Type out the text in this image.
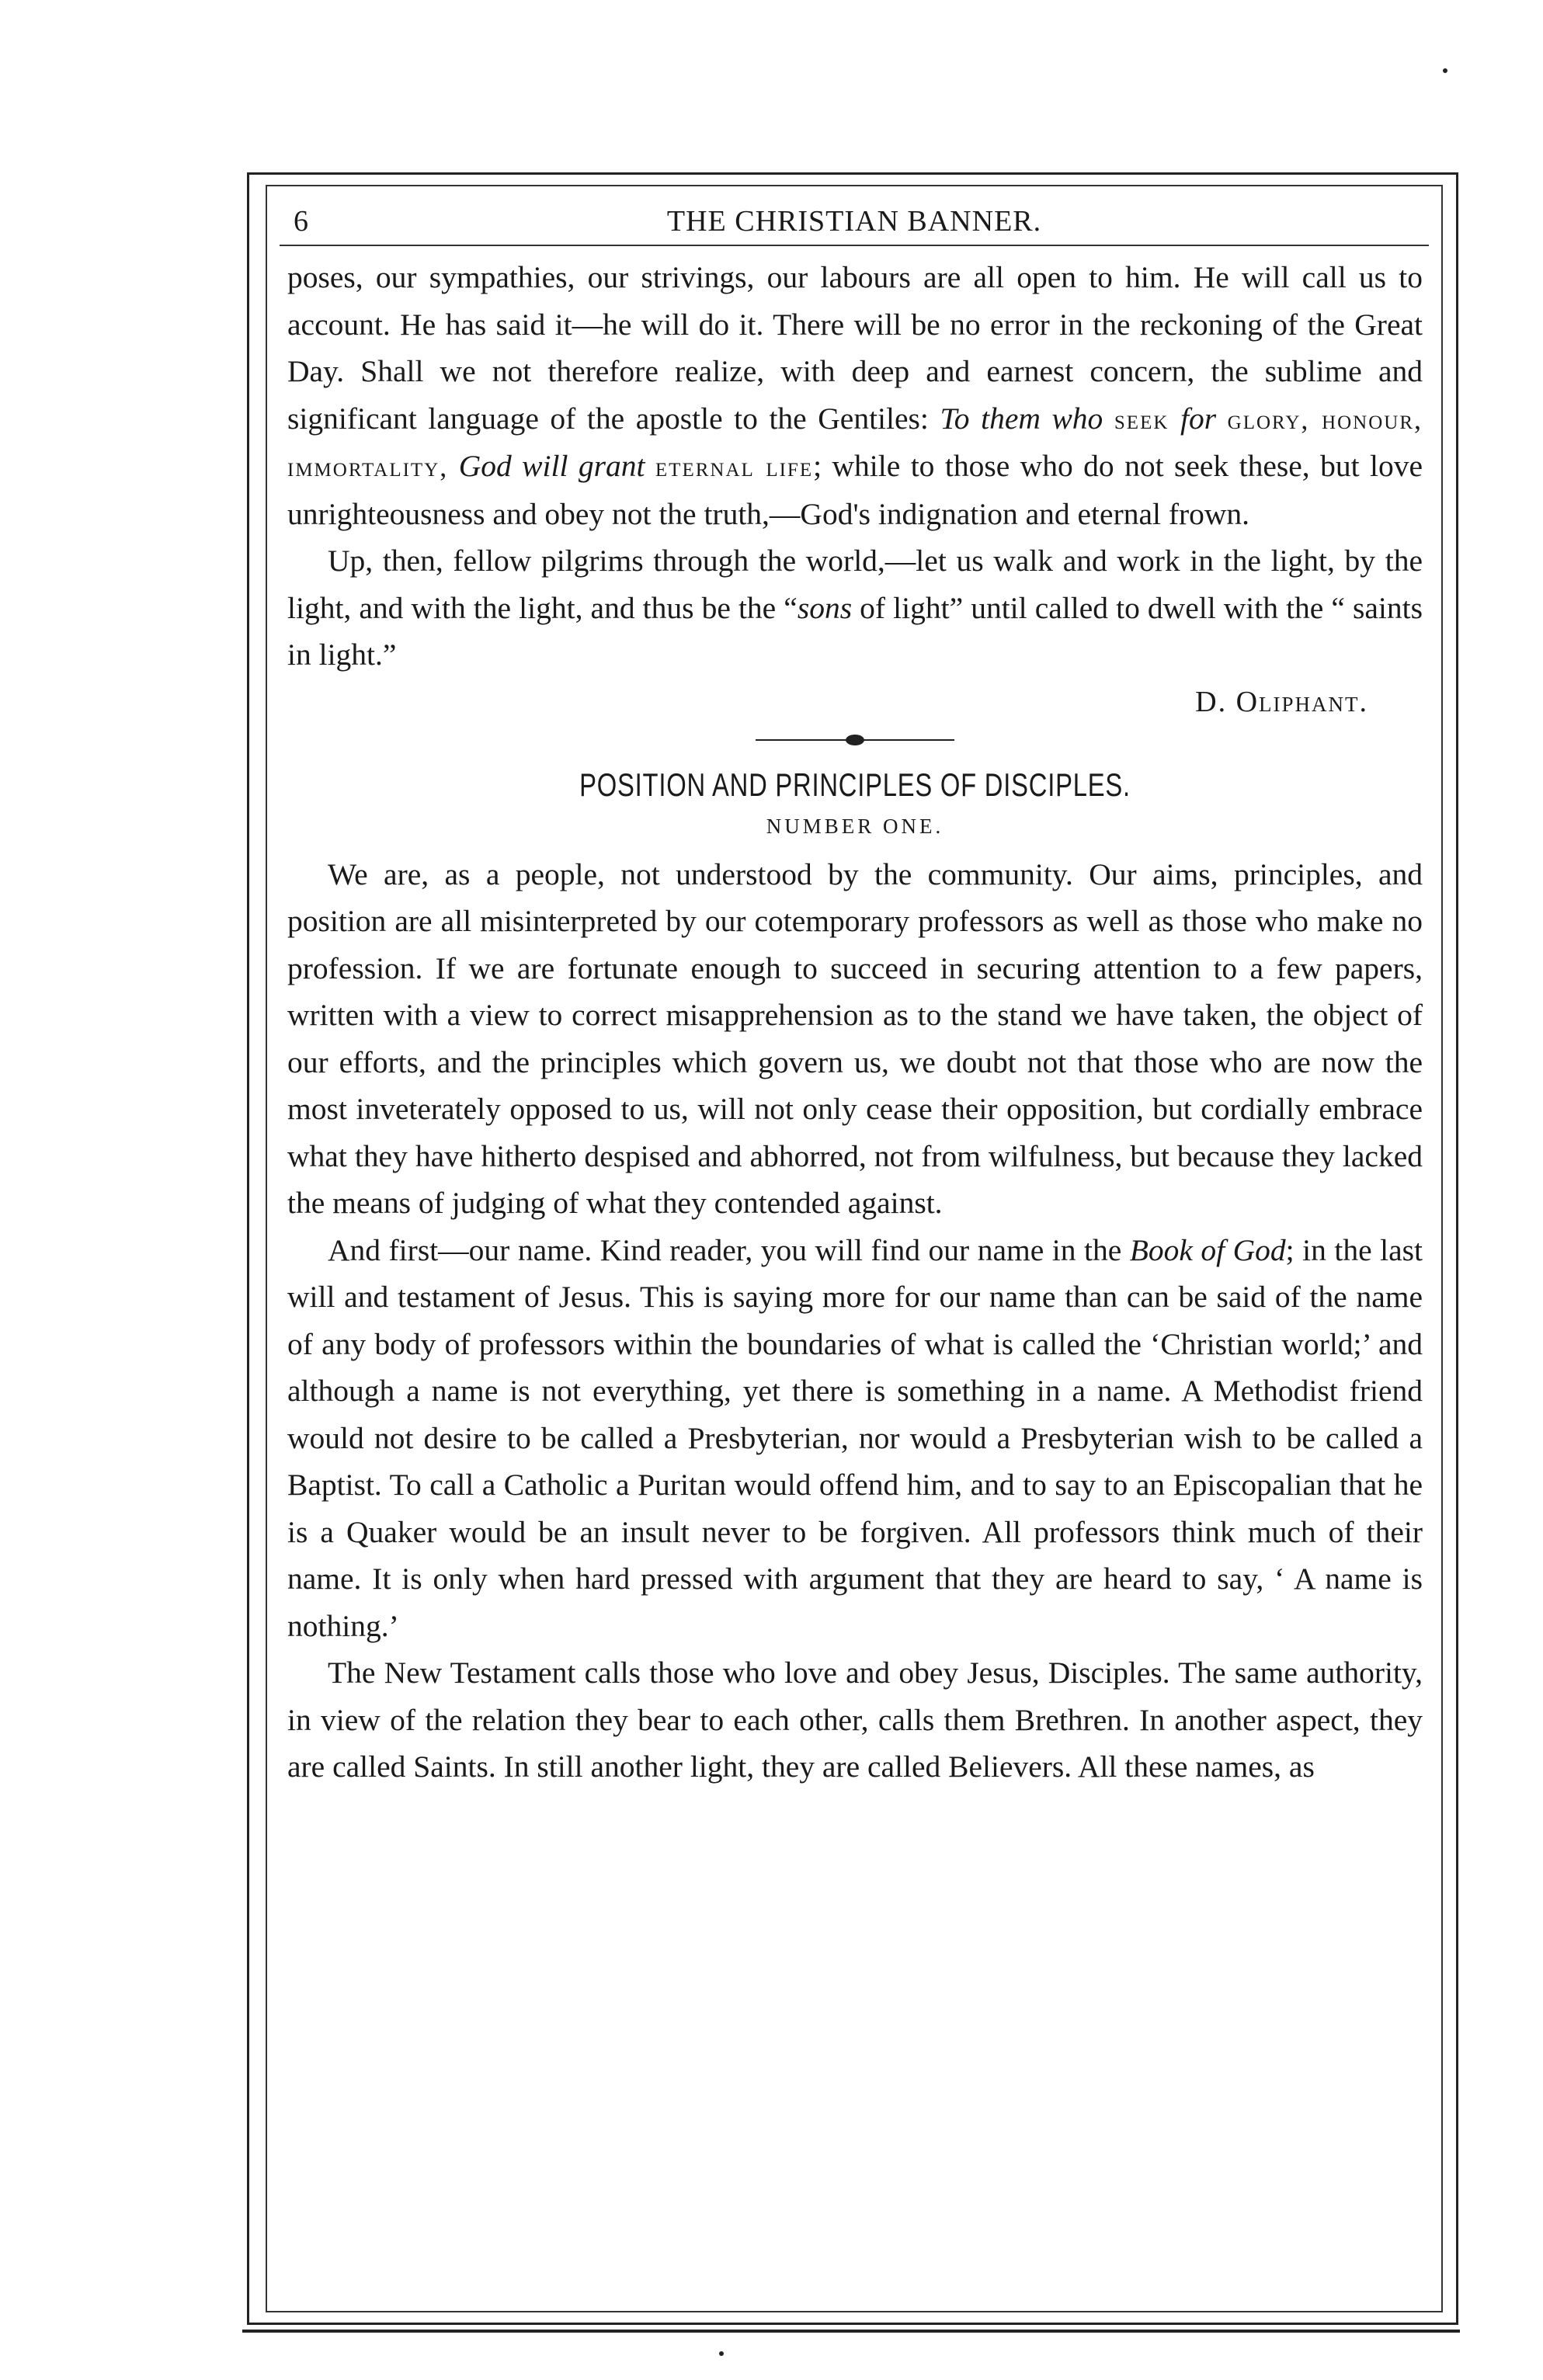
6	THE CHRISTIAN BANNER.

poses, our sympathies, our strivings, our labours are all open to him. He will call us to account. He has said it—he will do it. There will be no error in the reckoning of the Great Day. Shall we not therefore realize, with deep and earnest concern, the sublime and significant language of the apostle to the Gentiles: To them who seek for glory, honour, immortality, God will grant eternal life; while to those who do not seek these, but love unrighteousness and obey not the truth,—God's indignation and eternal frown.

Up, then, fellow pilgrims through the world,—let us walk and work in the light, by the light, and with the light, and thus be the “sons of light” until called to dwell with the “ saints in light.”

D. Oliphant.

POSITION AND PRINCIPLES OF DISCIPLES.

NUMBER ONE.

We are, as a people, not understood by the community. Our aims, principles, and position are all misinterpreted by our cotemporary professors as well as those who make no profession. If we are fortunate enough to succeed in securing attention to a few papers, written with a view to correct misapprehension as to the stand we have taken, the object of our efforts, and the principles which govern us, we doubt not that those who are now the most inveterately opposed to us, will not only cease their opposition, but cordially embrace what they have hitherto despised and abhorred, not from wilfulness, but because they lacked the means of judging of what they contended against.

And first—our name. Kind reader, you will find our name in the Book of God; in the last will and testament of Jesus. This is saying more for our name than can be said of the name of any body of professors within the boundaries of what is called the ‘Christian world;’ and although a name is not everything, yet there is something in a name. A Methodist friend would not desire to be called a Presbyterian, nor would a Presbyterian wish to be called a Baptist. To call a Catholic a Puritan would offend him, and to say to an Episcopalian that he is a Quaker would be an insult never to be forgiven. All professors think much of their name. It is only when hard pressed with argument that they are heard to say, ‘ A name is nothing.’

The New Testament calls those who love and obey Jesus, Disciples. The same authority, in view of the relation they bear to each other, calls them Brethren. In another aspect, they are called Saints. In still another light, they are called Believers. All these names, as
